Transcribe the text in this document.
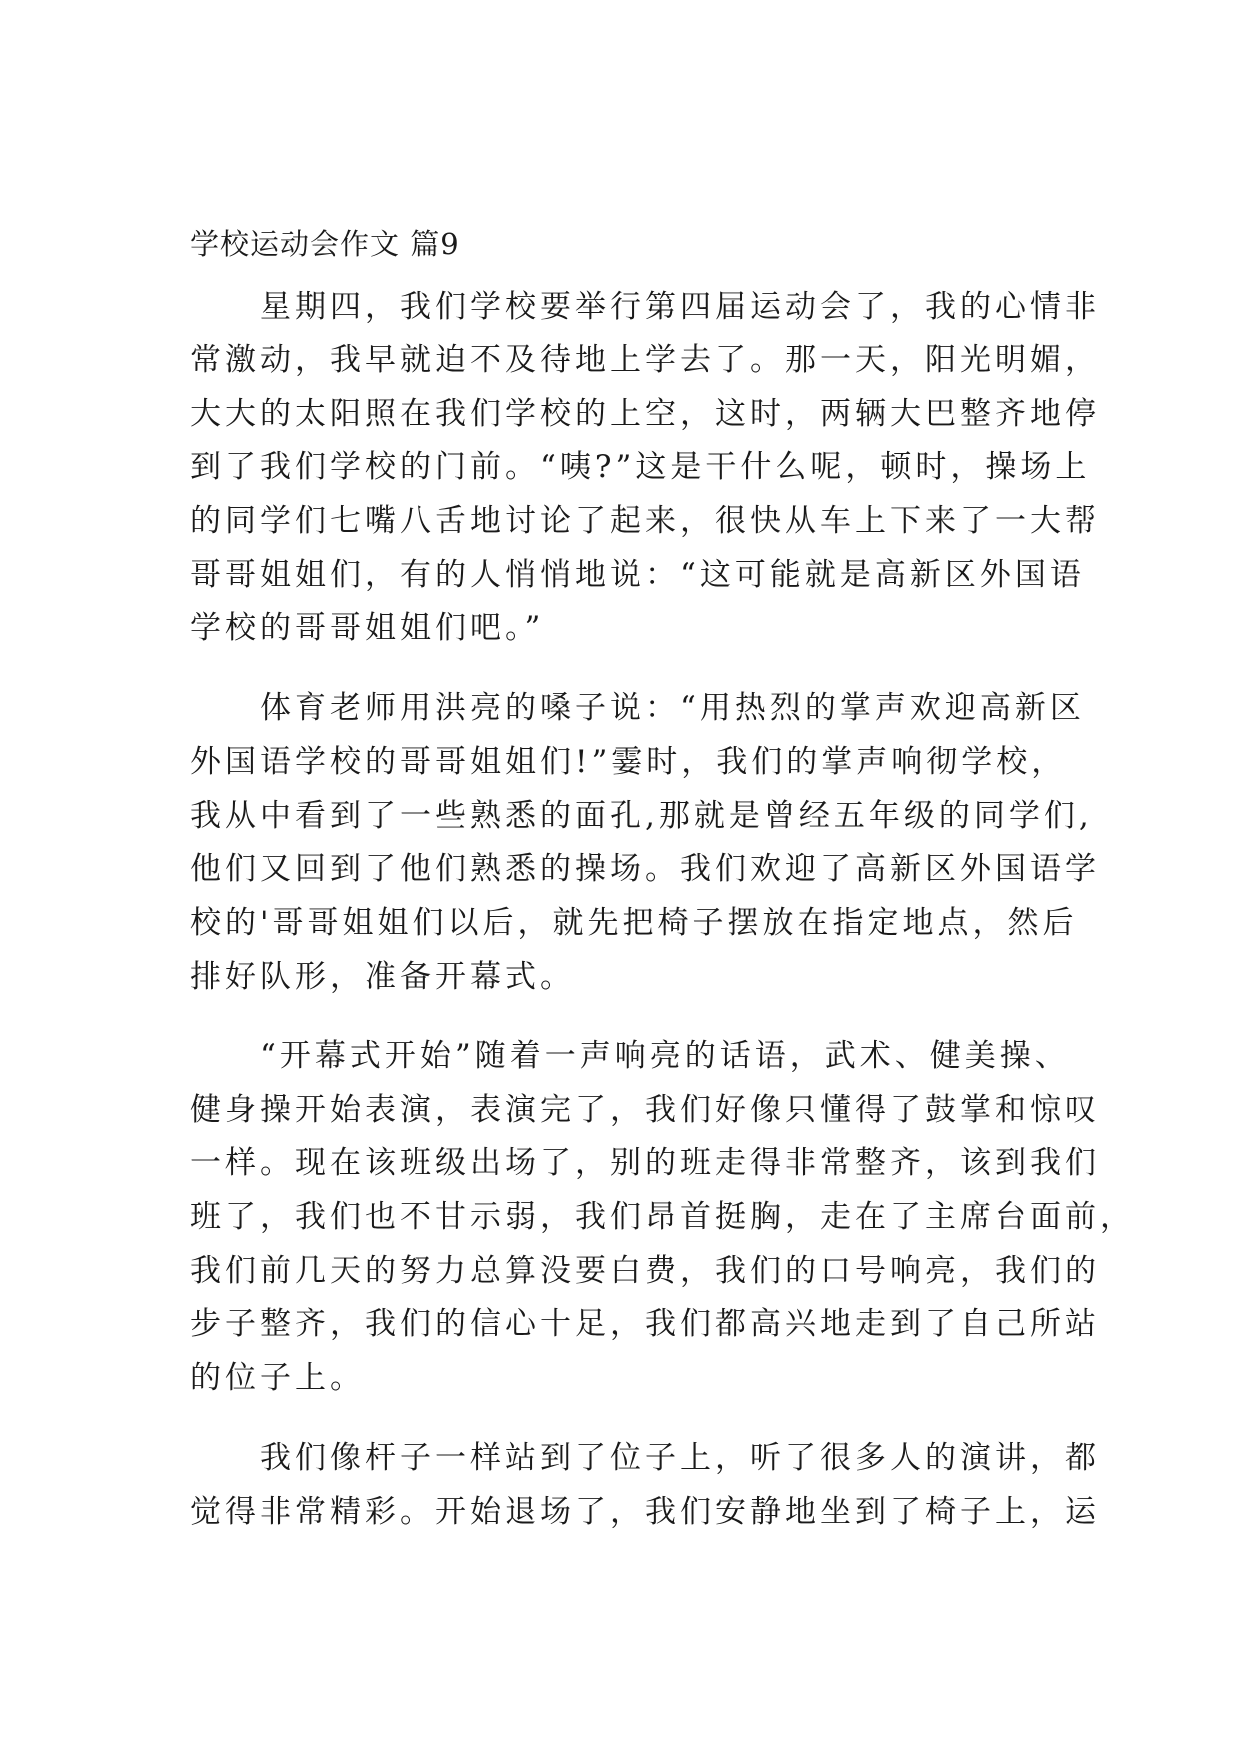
学校运动会作文 篇9
　　星期四，我们学校要举行第四届运动会了，我的心情非
常激动，我早就迫不及待地上学去了。那一天，阳光明媚，
大大的太阳照在我们学校的上空，这时，两辆大巴整齐地停
到了我们学校的门前。“咦?”这是干什么呢，顿时，操场上
的同学们七嘴八舌地讨论了起来，很快从车上下来了一大帮
哥哥姐姐们，有的人悄悄地说：“这可能就是高新区外国语
学校的哥哥姐姐们吧。”
　　体育老师用洪亮的嗓子说：“用热烈的掌声欢迎高新区
外国语学校的哥哥姐姐们!”霎时，我们的掌声响彻学校，
我从中看到了一些熟悉的面孔,那就是曾经五年级的同学们,
他们又回到了他们熟悉的操场。我们欢迎了高新区外国语学
校的'哥哥姐姐们以后，就先把椅子摆放在指定地点，然后
排好队形，准备开幕式。
　　“开幕式开始”随着一声响亮的话语，武术、健美操、
健身操开始表演，表演完了，我们好像只懂得了鼓掌和惊叹
一样。现在该班级出场了，别的班走得非常整齐，该到我们
班了，我们也不甘示弱，我们昂首挺胸，走在了主席台面前，
我们前几天的努力总算没要白费，我们的口号响亮，我们的
步子整齐，我们的信心十足，我们都高兴地走到了自己所站
的位子上。
　　我们像杆子一样站到了位子上，听了很多人的演讲，都
觉得非常精彩。开始退场了，我们安静地坐到了椅子上，运
